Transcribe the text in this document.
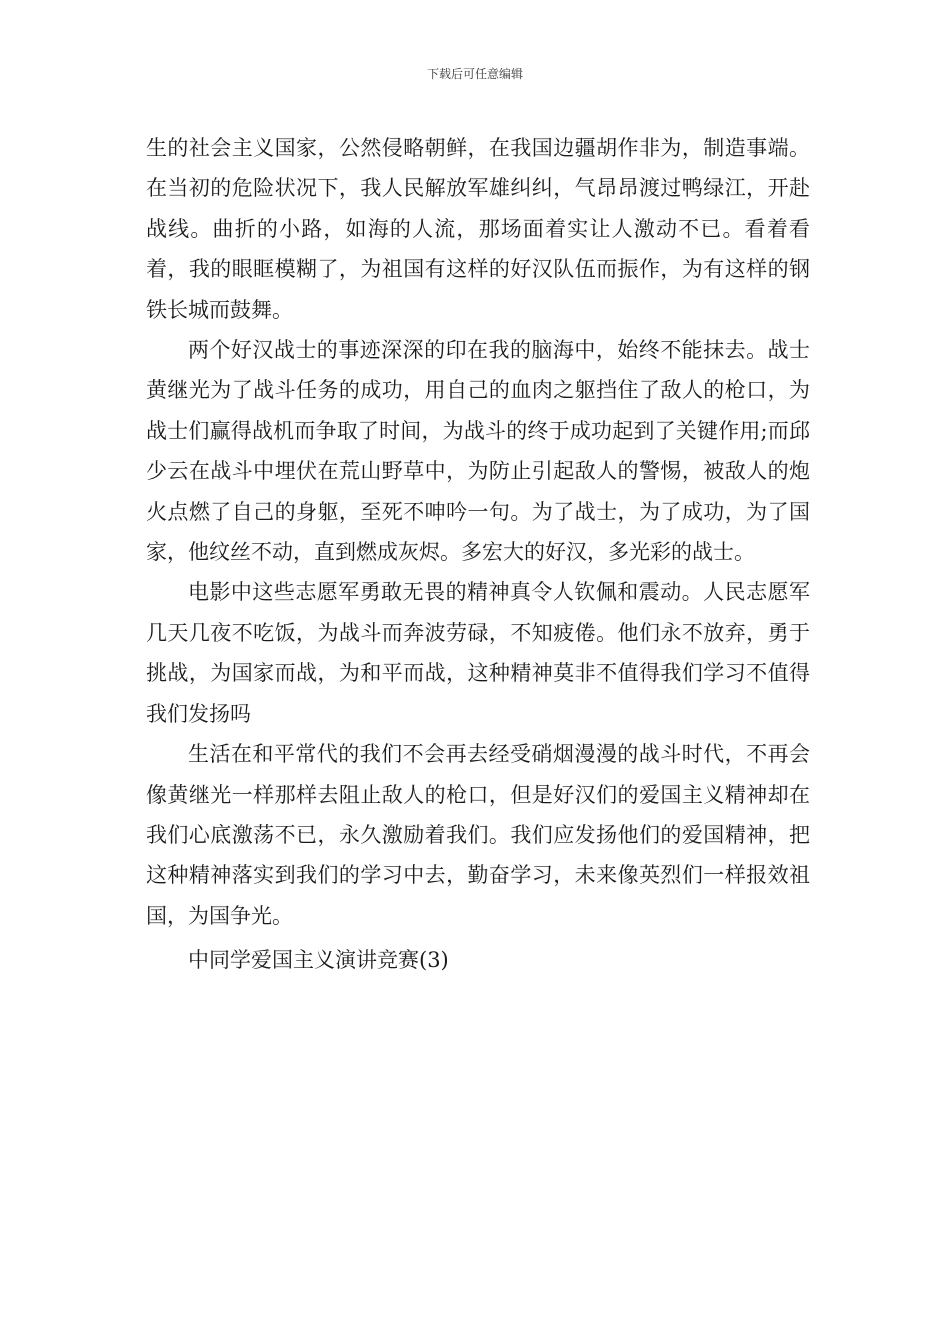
下载后可任意编辑

生的社会主义国家，公然侵略朝鲜，在我国边疆胡作非为，制造事端。在当初的危险状况下，我人民解放军雄纠纠，气昂昂渡过鸭绿江，开赴战线。曲折的小路，如海的人流，那场面着实让人激动不已。看着看着，我的眼眶模糊了，为祖国有这样的好汉队伍而振作，为有这样的钢铁长城而鼓舞。

两个好汉战士的事迹深深的印在我的脑海中，始终不能抹去。战士黄继光为了战斗任务的成功，用自己的血肉之躯挡住了敌人的枪口，为战士们赢得战机而争取了时间，为战斗的终于成功起到了关键作用;而邱少云在战斗中埋伏在荒山野草中，为防止引起敌人的警惕，被敌人的炮火点燃了自己的身躯，至死不呻吟一句。为了战士，为了成功，为了国家，他纹丝不动，直到燃成灰烬。多宏大的好汉，多光彩的战士。

电影中这些志愿军勇敢无畏的精神真令人钦佩和震动。人民志愿军几天几夜不吃饭，为战斗而奔波劳碌，不知疲倦。他们永不放弃，勇于挑战，为国家而战，为和平而战，这种精神莫非不值得我们学习不值得我们发扬吗

生活在和平常代的我们不会再去经受硝烟漫漫的战斗时代，不再会像黄继光一样那样去阻止敌人的枪口，但是好汉们的爱国主义精神却在我们心底激荡不已，永久激励着我们。我们应发扬他们的爱国精神，把这种精神落实到我们的学习中去，勤奋学习，未来像英烈们一样报效祖国，为国争光。

中同学爱国主义演讲竞赛(3)
